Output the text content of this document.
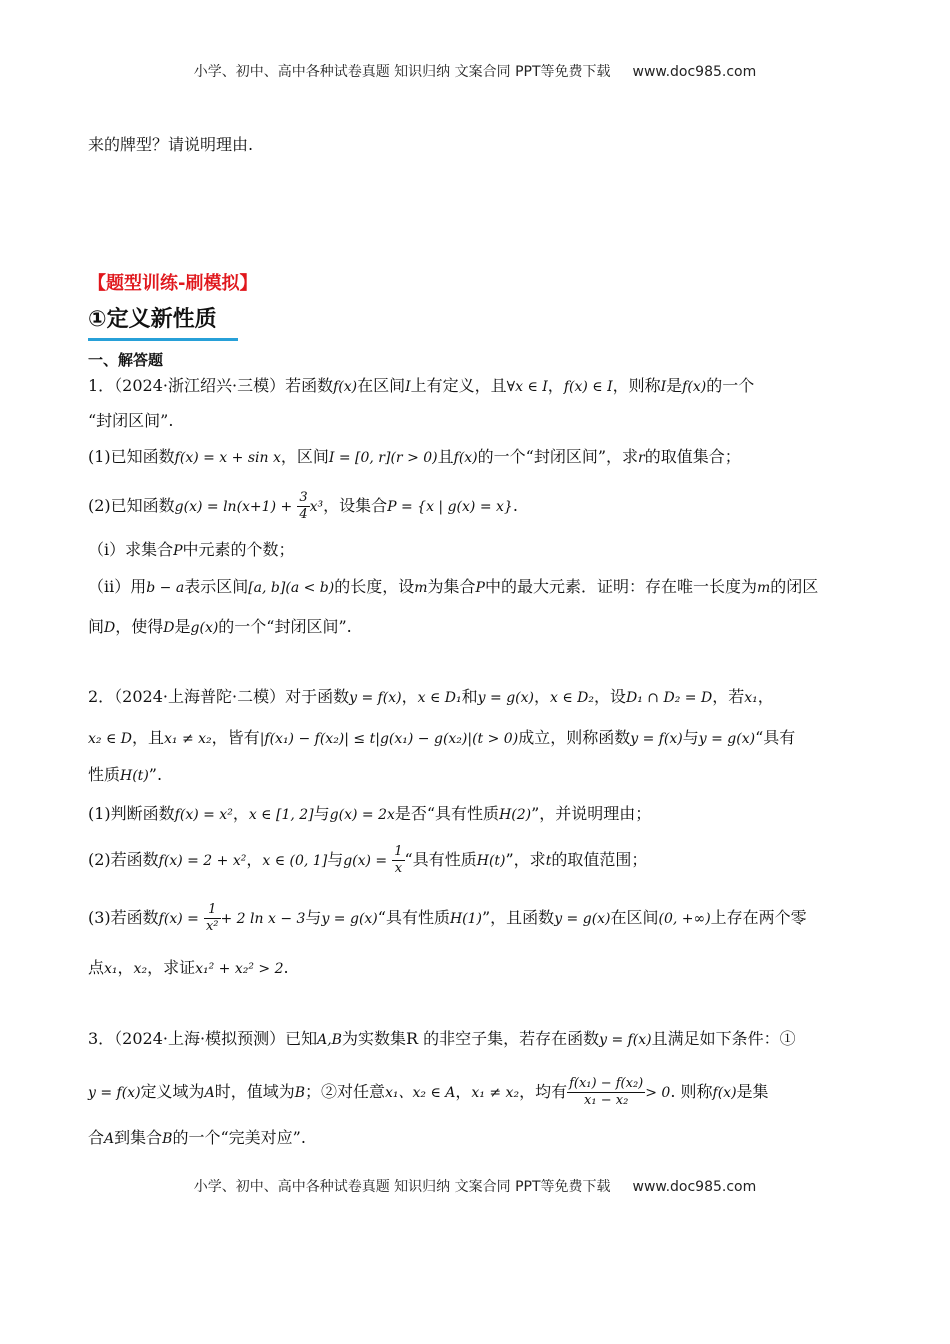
小学、初中、高中各种试卷真题 知识归纳 文案合同 PPT等免费下载 www.doc985.com
来的牌型？请说明理由.
【题型训练-刷模拟】
①定义新性质
一、解答题
1．（2024·浙江绍兴·三模）若函数f(x)在区间I上有定义，且∀x ∈ I，f(x) ∈ I，则称I是f(x)的一个
“封闭区间”.
(1)已知函数f(x) = x + sin x，区间I = [0, r](r > 0)且f(x)的一个“封闭区间”，求r的取值集合；
(2)已知函数$g(x) = \ln(x+1) + \frac{3}{4} x^3$，设集合P = {x | g(x) = x}.
（i）求集合P中元素的个数；
（ii）用b − a表示区间[a, b](a < b)的长度，设m为集合P中的最大元素．证明：存在唯一长度为m的闭区
间D，使得D是g(x)的一个“封闭区间”.
2．（2024·上海普陀·二模）对于函数y = f(x)，x ∈ D₁和y = g(x)，x ∈ D₂，设D₁ ∩ D₂ = D，若x₁，
x₂ ∈ D，且x₁ ≠ x₂，皆有|f(x₁) − f(x₂)| ≤ t|g(x₁) − g(x₂)|(t > 0)成立，则称函数y = f(x)与y = g(x)“具有
性质H(t)”.
(1)判断函数f(x) = x²，x ∈ [1, 2]与g(x) = 2x是否“具有性质H(2)”，并说明理由；
(2)若函数f(x) = 2 + x²，x ∈ (0, 1]与$g(x) = \frac{1}{x}$ “具有性质H(t)”，求t的取值范围；
(3)若函数$f(x) = \frac{1}{\text{x²}} + 2$ ln x − 3与y = g(x)“具有性质H(1)”，且函数y = g(x)在区间(0, +∞)上存在两个零
点x₁，x₂，求证x₁² + x₂² > 2.
3．（2024·上海·模拟预测）已知A,B为实数集R 的非空子集，若存在函数y = f(x)且满足如下条件：①
y = f(x)定义域为A时，值域为B；②对任意x₁、x₂ ∈ A，x₁ ≠ x₂，均有 $\frac{\text{f(x₁) − f(x₂)}}{\text{x₁ − x₂}} > 0$. 则称f(x)是集
合A到集合B的一个“完美对应”.
小学、初中、高中各种试卷真题 知识归纳 文案合同 PPT等免费下载 www.doc985.com
